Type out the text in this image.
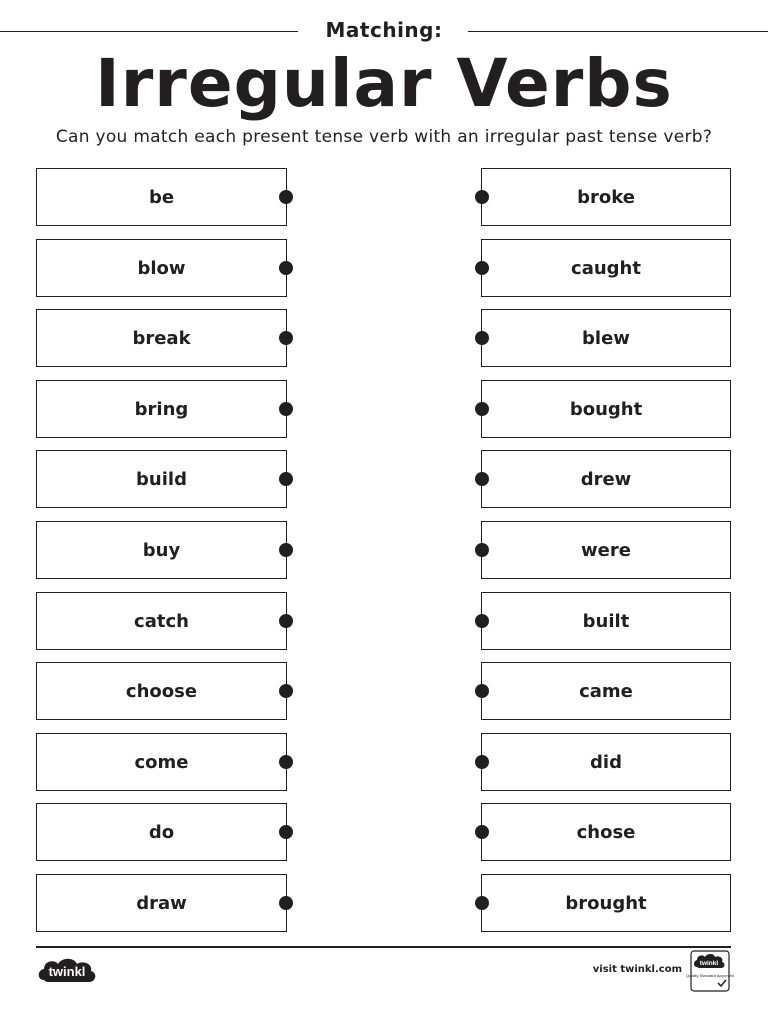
Matching:
Irregular Verbs
Can you match each present tense verb with an irregular past tense verb?
be
blow
break
bring
build
buy
catch
choose
come
do
draw
broke
caught
blew
bought
drew
were
built
came
did
chose
brought
twinkl	visit twinkl.com
twinkl
Quality Standard Approved
